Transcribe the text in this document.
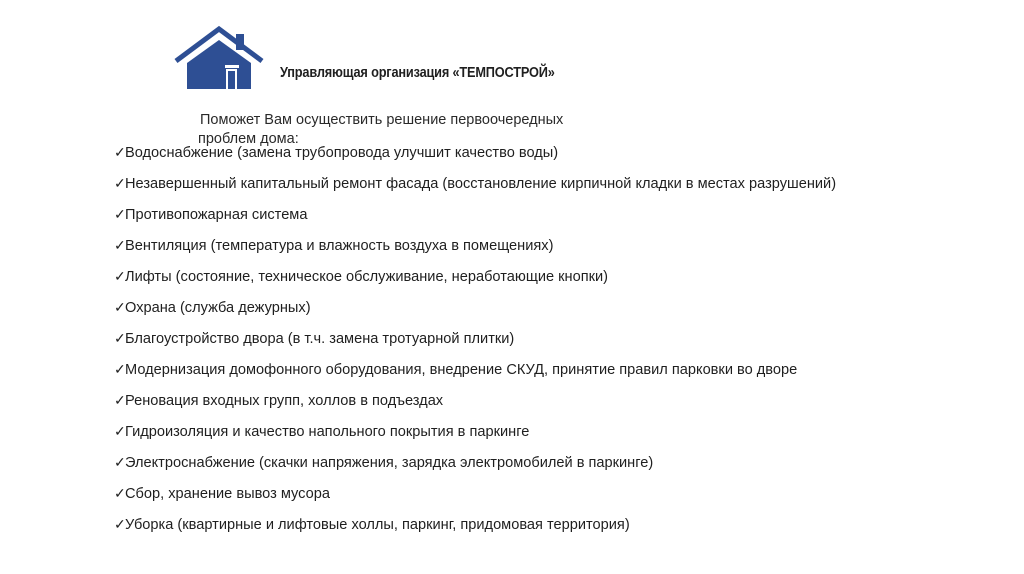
Управляющая организация «ТЕМПОСТРОЙ»
Поможет Вам осуществить решение первоочередных
проблем дома:
✓Водоснабжение (замена трубопровода улучшит качество воды)
✓Незавершенный капитальный ремонт фасада (восстановление кирпичной кладки в местах разрушений)
✓Противопожарная система
✓Вентиляция (температура и влажность воздуха в помещениях)
✓Лифты (состояние, техническое обслуживание, неработающие кнопки)
✓Охрана (служба дежурных)
✓Благоустройство двора (в т.ч. замена тротуарной плитки)
✓Модернизация домофонного оборудования, внедрение СКУД, принятие правил парковки во дворе
✓Реновация входных групп, холлов в подъездах
✓Гидроизоляция и качество напольного покрытия в паркинге
✓Электроснабжение (скачки напряжения, зарядка электромобилей в паркинге)
✓Сбор, хранение вывоз мусора
✓Уборка (квартирные и лифтовые холлы, паркинг, придомовая территория)
